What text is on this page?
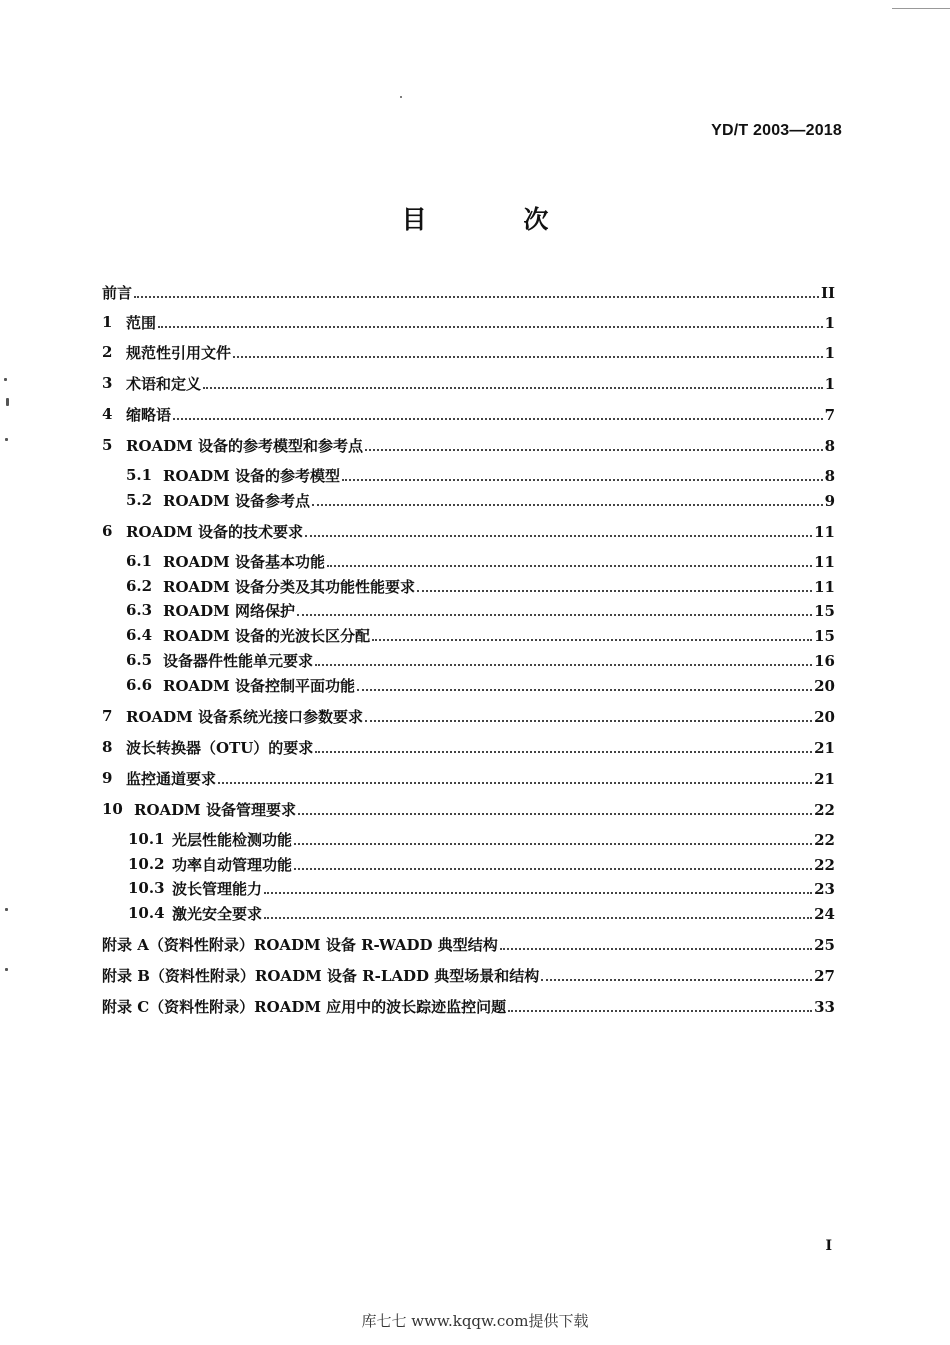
YD/T 2003—2018
目 次
前言	II
1 范围	1
2 规范性引用文件	1
3 术语和定义	1
4 缩略语	7
5 ROADM 设备的参考模型和参考点	8
5.1 ROADM 设备的参考模型	8
5.2 ROADM 设备参考点	9
6 ROADM 设备的技术要求	11
6.1 ROADM 设备基本功能	11
6.2 ROADM 设备分类及其功能性能要求	11
6.3 ROADM 网络保护	15
6.4 ROADM 设备的光波长区分配	15
6.5 设备器件性能单元要求	16
6.6 ROADM 设备控制平面功能	20
7 ROADM 设备系统光接口参数要求	20
8 波长转换器（OTU）的要求	21
9 监控通道要求	21
10 ROADM 设备管理要求	22
10.1 光层性能检测功能	22
10.2 功率自动管理功能	22
10.3 波长管理能力	23
10.4 激光安全要求	24
附录 A（资料性附录）ROADM 设备 R-WADD 典型结构	25
附录 B（资料性附录）ROADM 设备 R-LADD 典型场景和结构	27
附录 C（资料性附录）ROADM 应用中的波长踪迹监控问题	33
I
库七七 www.kqqw.com提供下载
